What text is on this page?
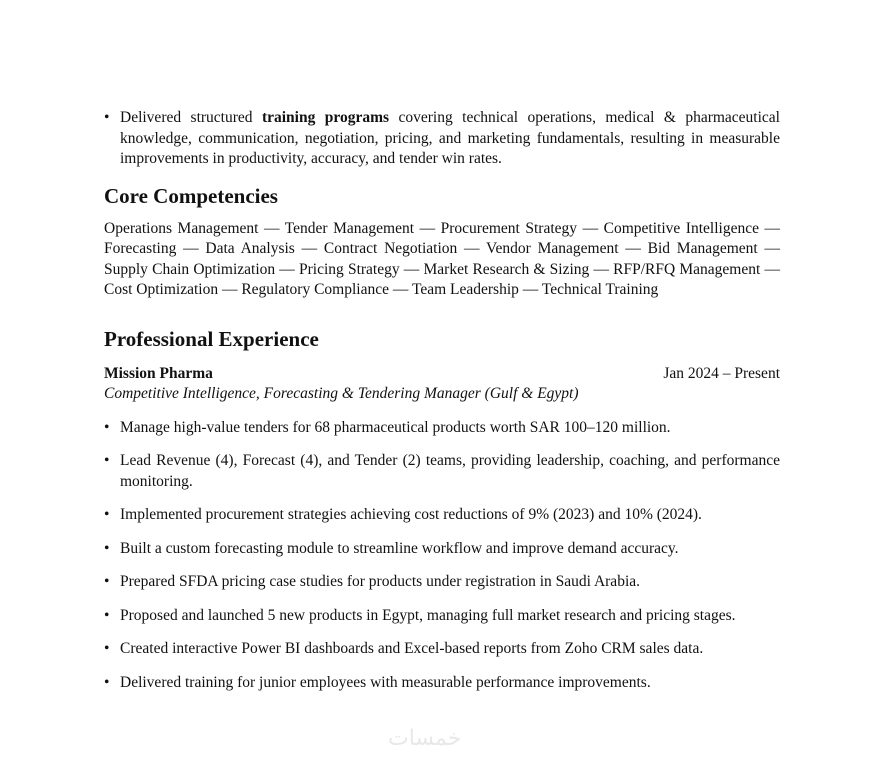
• Delivered structured training programs covering technical operations, medical & pharmaceutical knowledge, communication, negotiation, pricing, and marketing fundamentals, resulting in measurable improvements in productivity, accuracy, and tender win rates.
Core Competencies

Operations Management — Tender Management — Procurement Strategy — Competitive Intelligence — Forecasting — Data Analysis — Contract Negotiation — Vendor Management — Bid Management — Supply Chain Optimization — Pricing Strategy — Market Research & Sizing — RFP/RFQ Management — Cost Optimization — Regulatory Compliance — Team Leadership — Technical Training

Professional Experience
Mission Pharma	Jan 2024 – Present
Competitive Intelligence, Forecasting & Tendering Manager (Gulf & Egypt)
• Manage high-value tenders for 68 pharmaceutical products worth SAR 100–120 million.
• Lead Revenue (4), Forecast (4), and Tender (2) teams, providing leadership, coaching, and performance monitoring.
• Implemented procurement strategies achieving cost reductions of 9% (2023) and 10% (2024).
• Built a custom forecasting module to streamline workflow and improve demand accuracy.
• Prepared SFDA pricing case studies for products under registration in Saudi Arabia.
• Proposed and launched 5 new products in Egypt, managing full market research and pricing stages.
• Created interactive Power BI dashboards and Excel-based reports from Zoho CRM sales data.
• Delivered training for junior employees with measurable performance improvements.
خمسات
